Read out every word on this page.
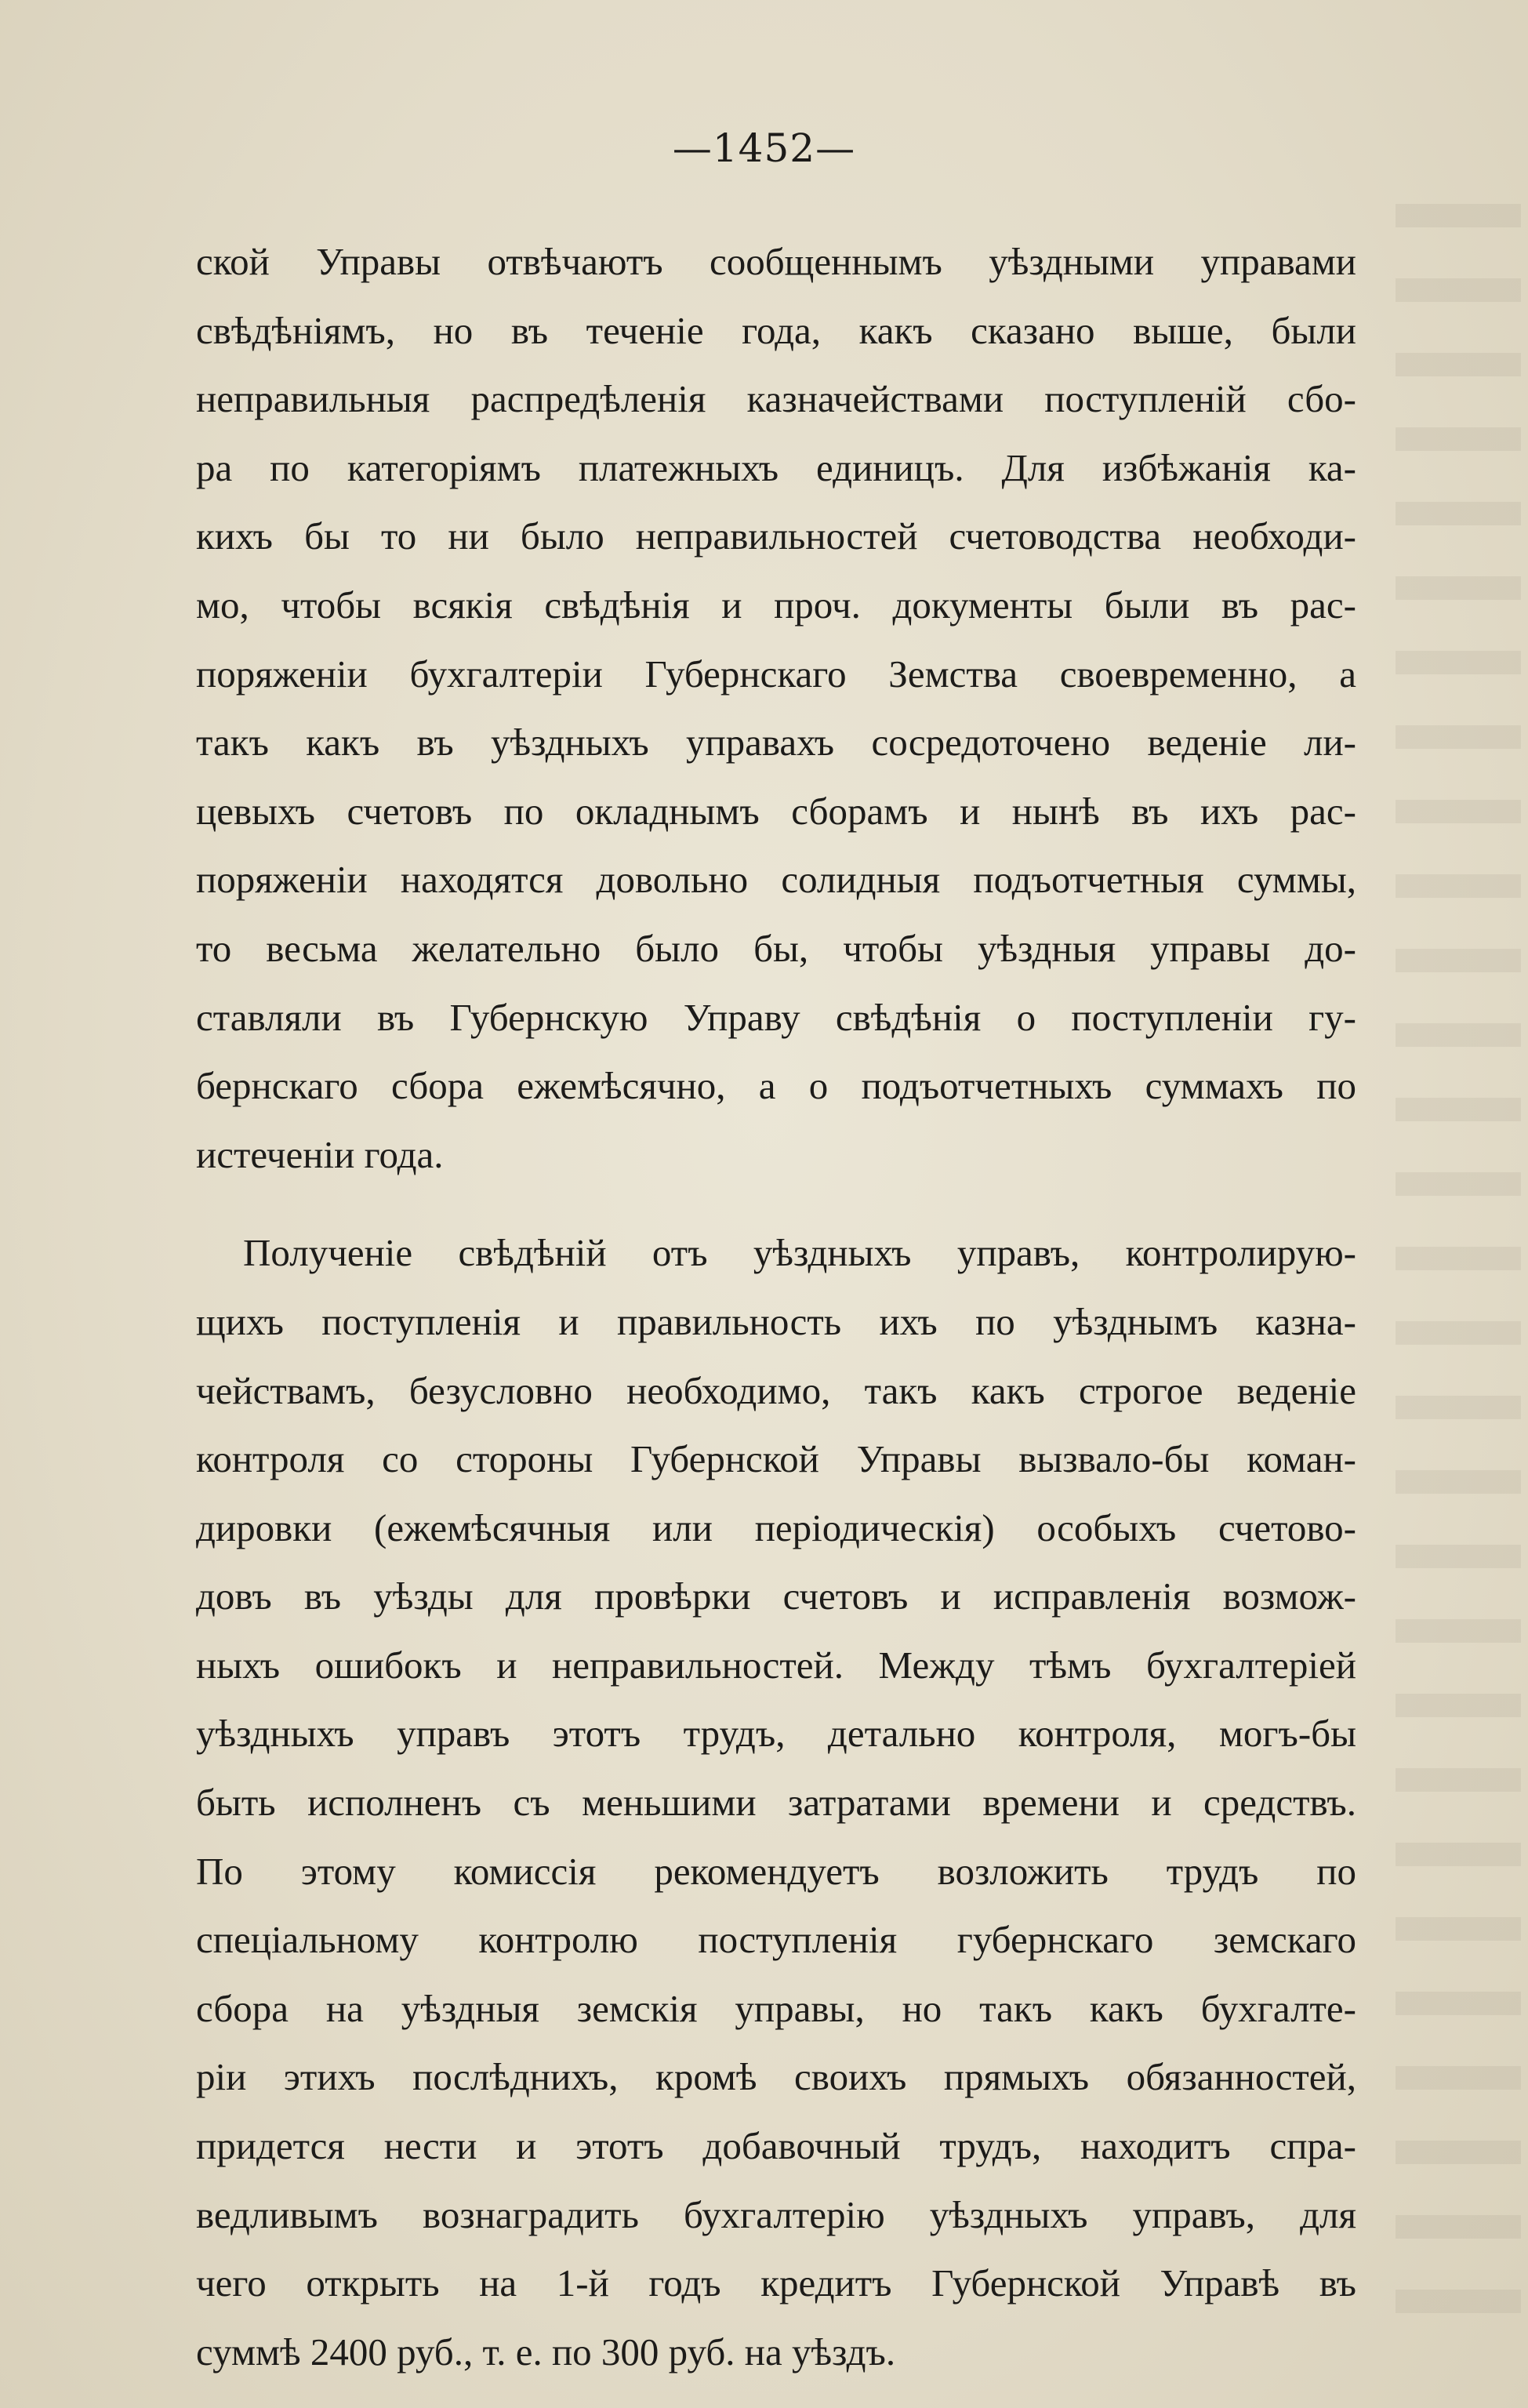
—1452—
ской Управы отвѣчаютъ сообщеннымъ уѣздными управами
свѣдѣніямъ, но въ теченіе года, какъ сказано выше, были
неправильныя распредѣленія казначействами поступленій сбо-
ра по категоріямъ платежныхъ единицъ. Для избѣжанія ка-
кихъ бы то ни было неправильностей счетоводства необходи-
мо, чтобы всякія свѣдѣнія и проч. документы были въ рас-
поряженіи бухгалтеріи Губернскаго Земства своевременно, а
такъ какъ въ уѣздныхъ управахъ сосредоточено веденіе ли-
цевыхъ счетовъ по окладнымъ сборамъ и нынѣ въ ихъ рас-
поряженіи находятся довольно солидныя подъотчетныя суммы,
то весьма желательно было бы, чтобы уѣздныя управы до-
ставляли въ Губернскую Управу свѣдѣнія о поступленіи гу-
бернскаго сбора ежемѣсячно, а о подъотчетныхъ суммахъ по
истеченіи года.
Полученіе свѣдѣній отъ уѣздныхъ управъ, контролирую-
щихъ поступленія и правильность ихъ по уѣзднымъ казна-
чействамъ, безусловно необходимо, такъ какъ строгое веденіе
контроля со стороны Губернской Управы вызвало-бы коман-
дировки (ежемѣсячныя или періодическія) особыхъ счетово-
довъ въ уѣзды для провѣрки счетовъ и исправленія возмож-
ныхъ ошибокъ и неправильностей. Между тѣмъ бухгалтеріей
уѣздныхъ управъ этотъ трудъ, детально контроля, могъ-бы
быть исполненъ съ меньшими затратами времени и средствъ.
По этому комиссія рекомендуетъ возложить трудъ по
спеціальному контролю поступленія губернскаго земскаго
сбора на уѣздныя земскія управы, но такъ какъ бухгалте-
ріи этихъ послѣднихъ, кромѣ своихъ прямыхъ обязанностей,
придется нести и этотъ добавочный трудъ, находитъ спра-
ведливымъ вознаградить бухгалтерію уѣздныхъ управъ, для
чего открыть на 1-й годъ кредитъ Губернской Управѣ въ
суммѣ 2400 руб., т. е. по 300 руб. на уѣздъ.
